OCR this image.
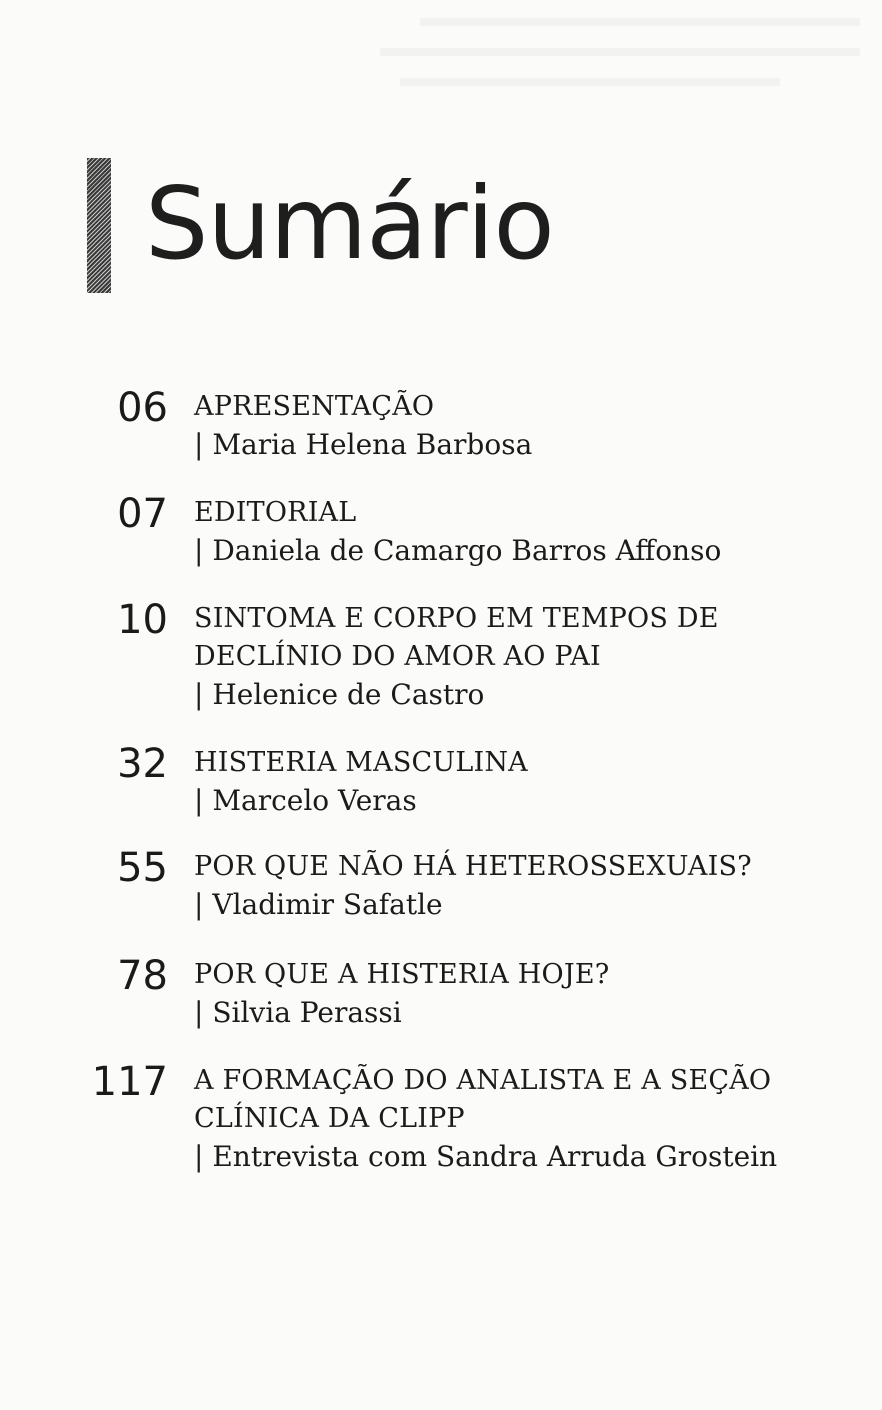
Sumário
06 APRESENTAÇÃO
| Maria Helena Barbosa
07 EDITORIAL
| Daniela de Camargo Barros Affonso
10 SINTOMA E CORPO EM TEMPOS DE
DECLÍNIO DO AMOR AO PAI
| Helenice de Castro
32 HISTERIA MASCULINA
| Marcelo Veras
55 POR QUE NÃO HÁ HETEROSSEXUAIS?
| Vladimir Safatle
78 POR QUE A HISTERIA HOJE?
| Silvia Perassi
117 A FORMAÇÃO DO ANALISTA E A SEÇÃO
CLÍNICA DA CLIPP
| Entrevista com Sandra Arruda Grostein
